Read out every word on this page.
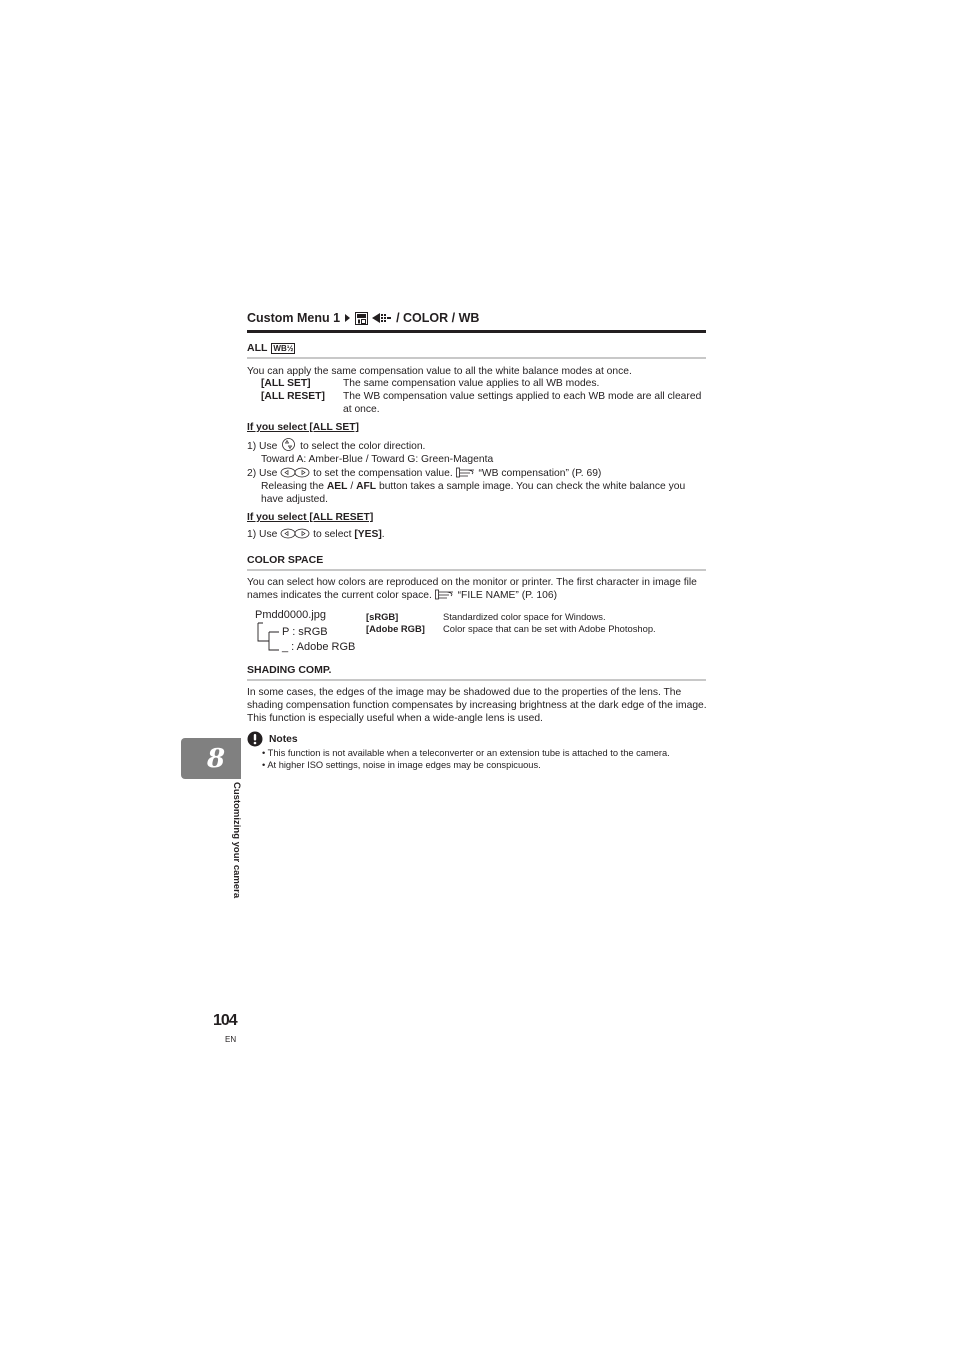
Custom Menu 1	/ COLOR / WB
ALL WB½
You can apply the same compensation value to all the white balance modes at once.
[ALL SET]	The same compensation value applies to all WB modes.
[ALL RESET]	The WB compensation value settings applied to each WB mode are all cleared at once.
If you select [ALL SET]
1) Use to select the color direction.
Toward A: Amber-Blue / Toward G: Green-Magenta
2) Use	to set the compensation value.	“WB compensation” (P. 69)
Releasing the AEL / AFL button takes a sample image. You can check the white balance you have adjusted.
If you select [ALL RESET]
1) Use	to select [YES].
COLOR SPACE
You can select how colors are reproduced on the monitor or printer. The first character in image file names indicates the current color space.	“FILE NAME” (P. 106)
Pmdd0000.jpg
P : sRGB
_ : Adobe RGB
[sRGB]	Standardized color space for Windows.
[Adobe RGB]	Color space that can be set with Adobe Photoshop.
SHADING COMP.
In some cases, the edges of the image may be shadowed due to the properties of the lens. The shading compensation function compensates by increasing brightness at the dark edge of the image. This function is especially useful when a wide-angle lens is used.
Notes
• This function is not available when a teleconverter or an extension tube is attached to the camera.
• At higher ISO settings, noise in image edges may be conspicuous.
8
Customizing your camera
104
EN
